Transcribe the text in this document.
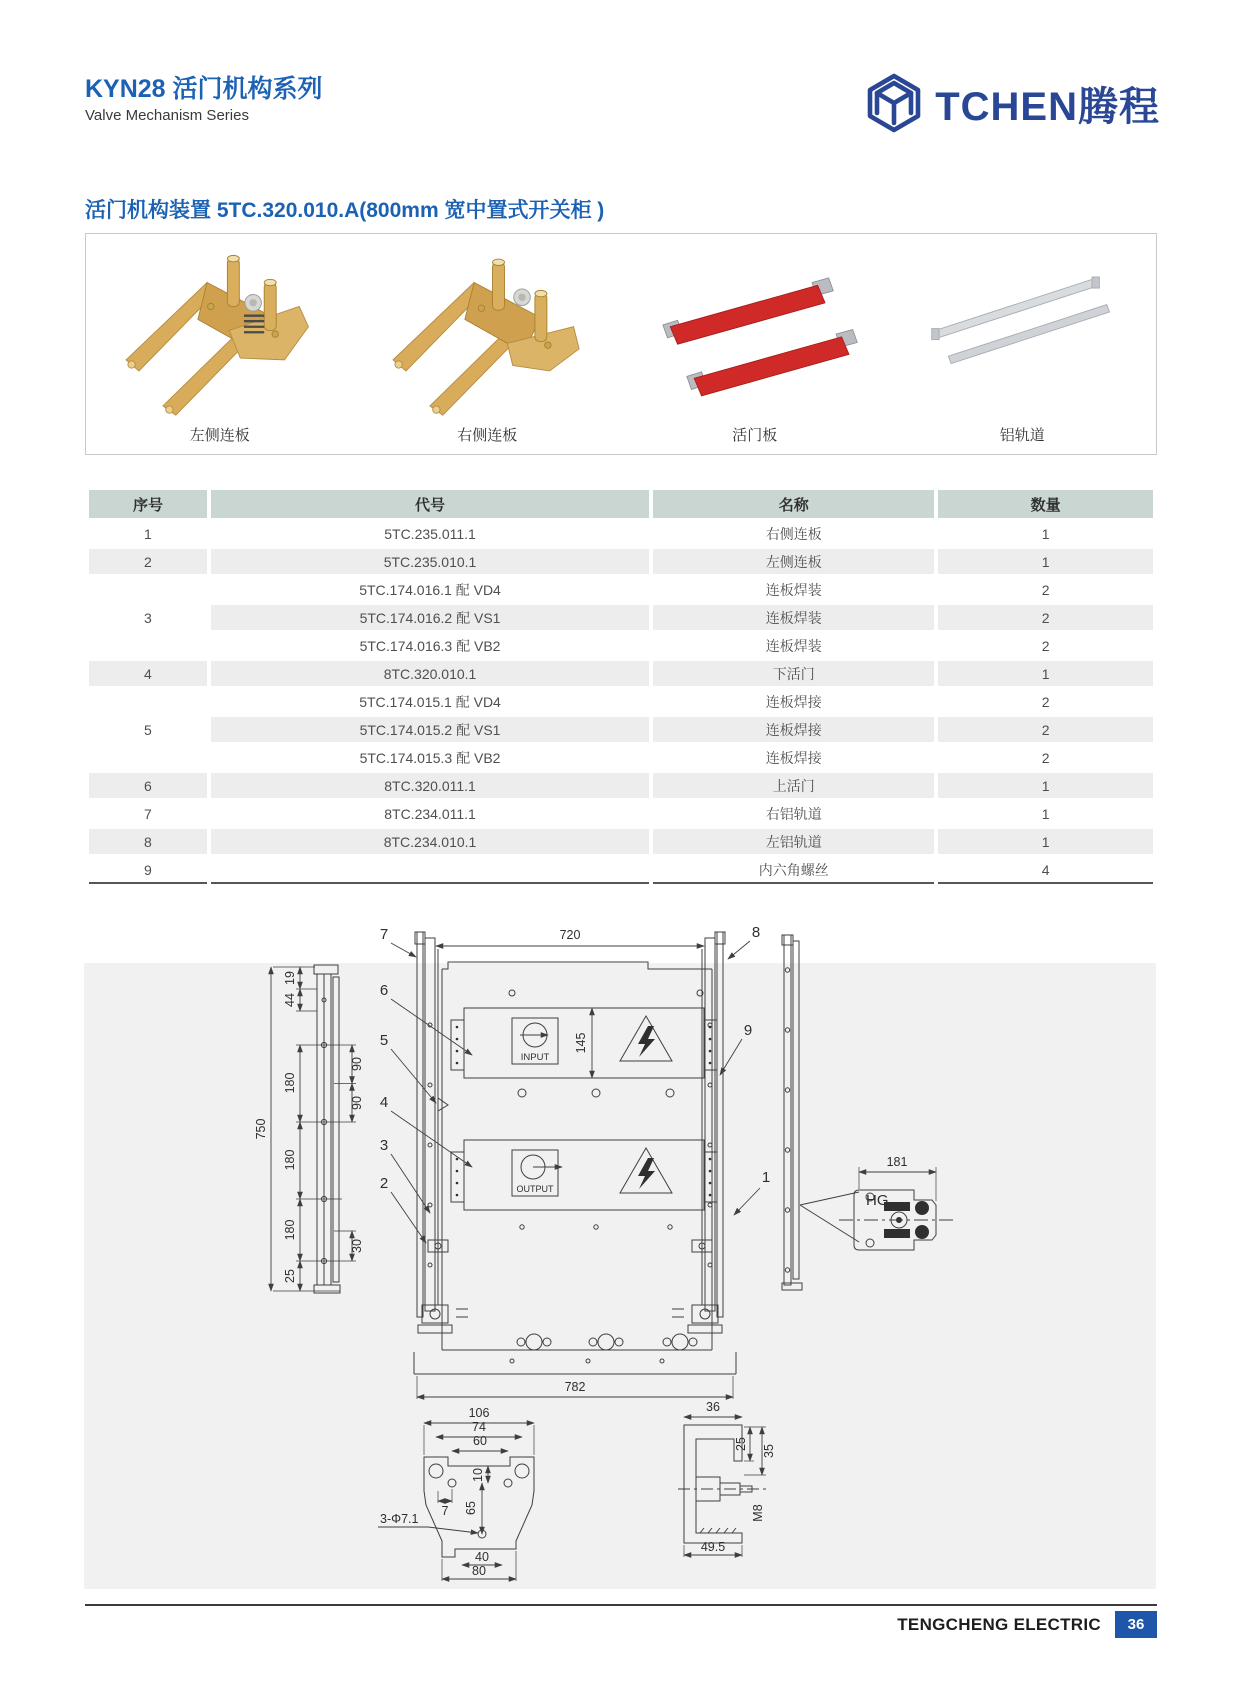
KYN28 活门机构系列
Valve Mechanism Series	TCHEN腾程
活门机构装置 5TC.320.010.A(800mm 宽中置式开关柜 )
左侧连板	右侧连板	活门板	铝轨道
序号	代号	名称	数量
1	5TC.235.011.1	右侧连板	1
2	5TC.235.010.1	左侧连板	1
3	5TC.174.016.1 配 VD4	连板焊装	2
	5TC.174.016.2 配 VS1	连板焊装	2
	5TC.174.016.3 配 VB2	连板焊装	2
4	8TC.320.010.1	下活门	1
5	5TC.174.015.1 配 VD4	连板焊接	2
	5TC.174.015.2 配 VS1	连板焊接	2
	5TC.174.015.3 配 VB2	连板焊接	2
6	8TC.320.011.1	上活门	1
7	8TC.234.011.1	右铝轨道	1
8	8TC.234.010.1	左铝轨道	1
9		内六角螺丝	4
750
19
44
180
180
180
25
90
90
30
720
INPUT
145
OUTPUT
782
7
6
5
4
3
2
8
9
1
181
HG
106
74
60
10
7 65
40
80
3-Φ7.1
36
25
35
M8
49.5
TENGCHENG ELECTRIC	36
